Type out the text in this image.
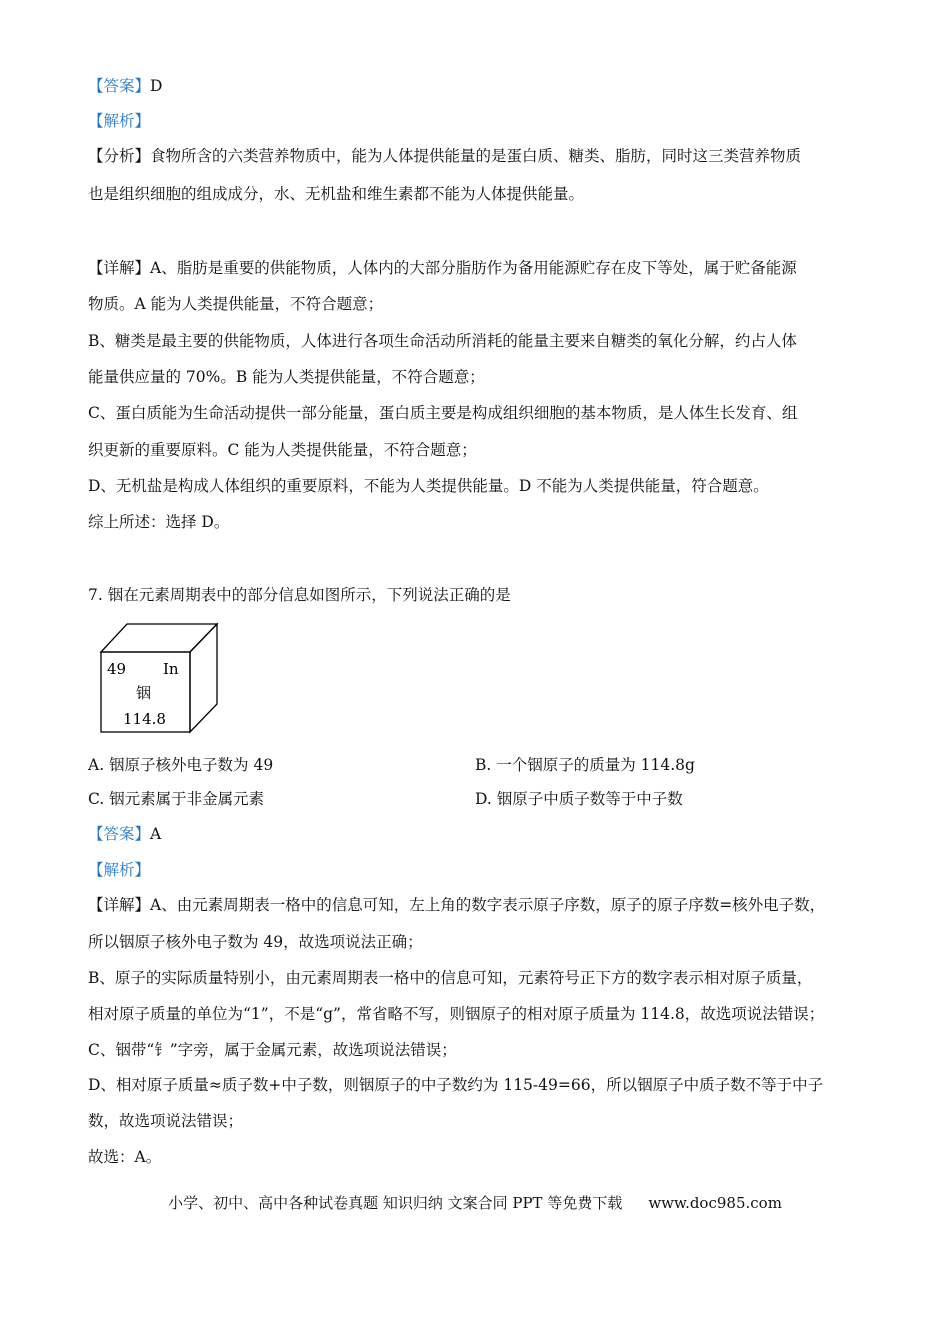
【答案】D
【解析】
【分析】食物所含的六类营养物质中，能为人体提供能量的是蛋白质、糖类、脂肪，同时这三类营养物质
也是组织细胞的组成成分，水、无机盐和维生素都不能为人体提供能量。
【详解】A、脂肪是重要的供能物质，人体内的大部分脂肪作为备用能源贮存在皮下等处，属于贮备能源
物质。A 能为人类提供能量，不符合题意；
B、糖类是最主要的供能物质，人体进行各项生命活动所消耗的能量主要来自糖类的氧化分解，约占人体
能量供应量的 70%。B 能为人类提供能量，不符合题意；
C、蛋白质能为生命活动提供一部分能量，蛋白质主要是构成组织细胞的基本物质，是人体生长发育、组
织更新的重要原料。C 能为人类提供能量，不符合题意；
D、无机盐是构成人体组织的重要原料，不能为人类提供能量。D 不能为人类提供能量，符合题意。
综上所述：选择 D。
7. 铟在元素周期表中的部分信息如图所示，下列说法正确的是
49 In
铟
114.8
A. 铟原子核外电子数为 49	B. 一个铟原子的质量为 114.8g
C. 铟元素属于非金属元素	D. 铟原子中质子数等于中子数
【答案】A
【解析】
【详解】A、由元素周期表一格中的信息可知，左上角的数字表示原子序数，原子的原子序数=核外电子数，
所以铟原子核外电子数为 49，故选项说法正确；
B、原子的实际质量特别小，由元素周期表一格中的信息可知，元素符号正下方的数字表示相对原子质量，
相对原子质量的单位为“1”，不是“g”，常省略不写，则铟原子的相对原子质量为 114.8，故选项说法错误；
C、铟带“钅”字旁，属于金属元素，故选项说法错误；
D、相对原子质量≈质子数+中子数，则铟原子的中子数约为 115-49=66，所以铟原子中质子数不等于中子
数，故选项说法错误；
故选：A。
小学、初中、高中各种试卷真题 知识归纳 文案合同 PPT 等免费下载 www.doc985.com
